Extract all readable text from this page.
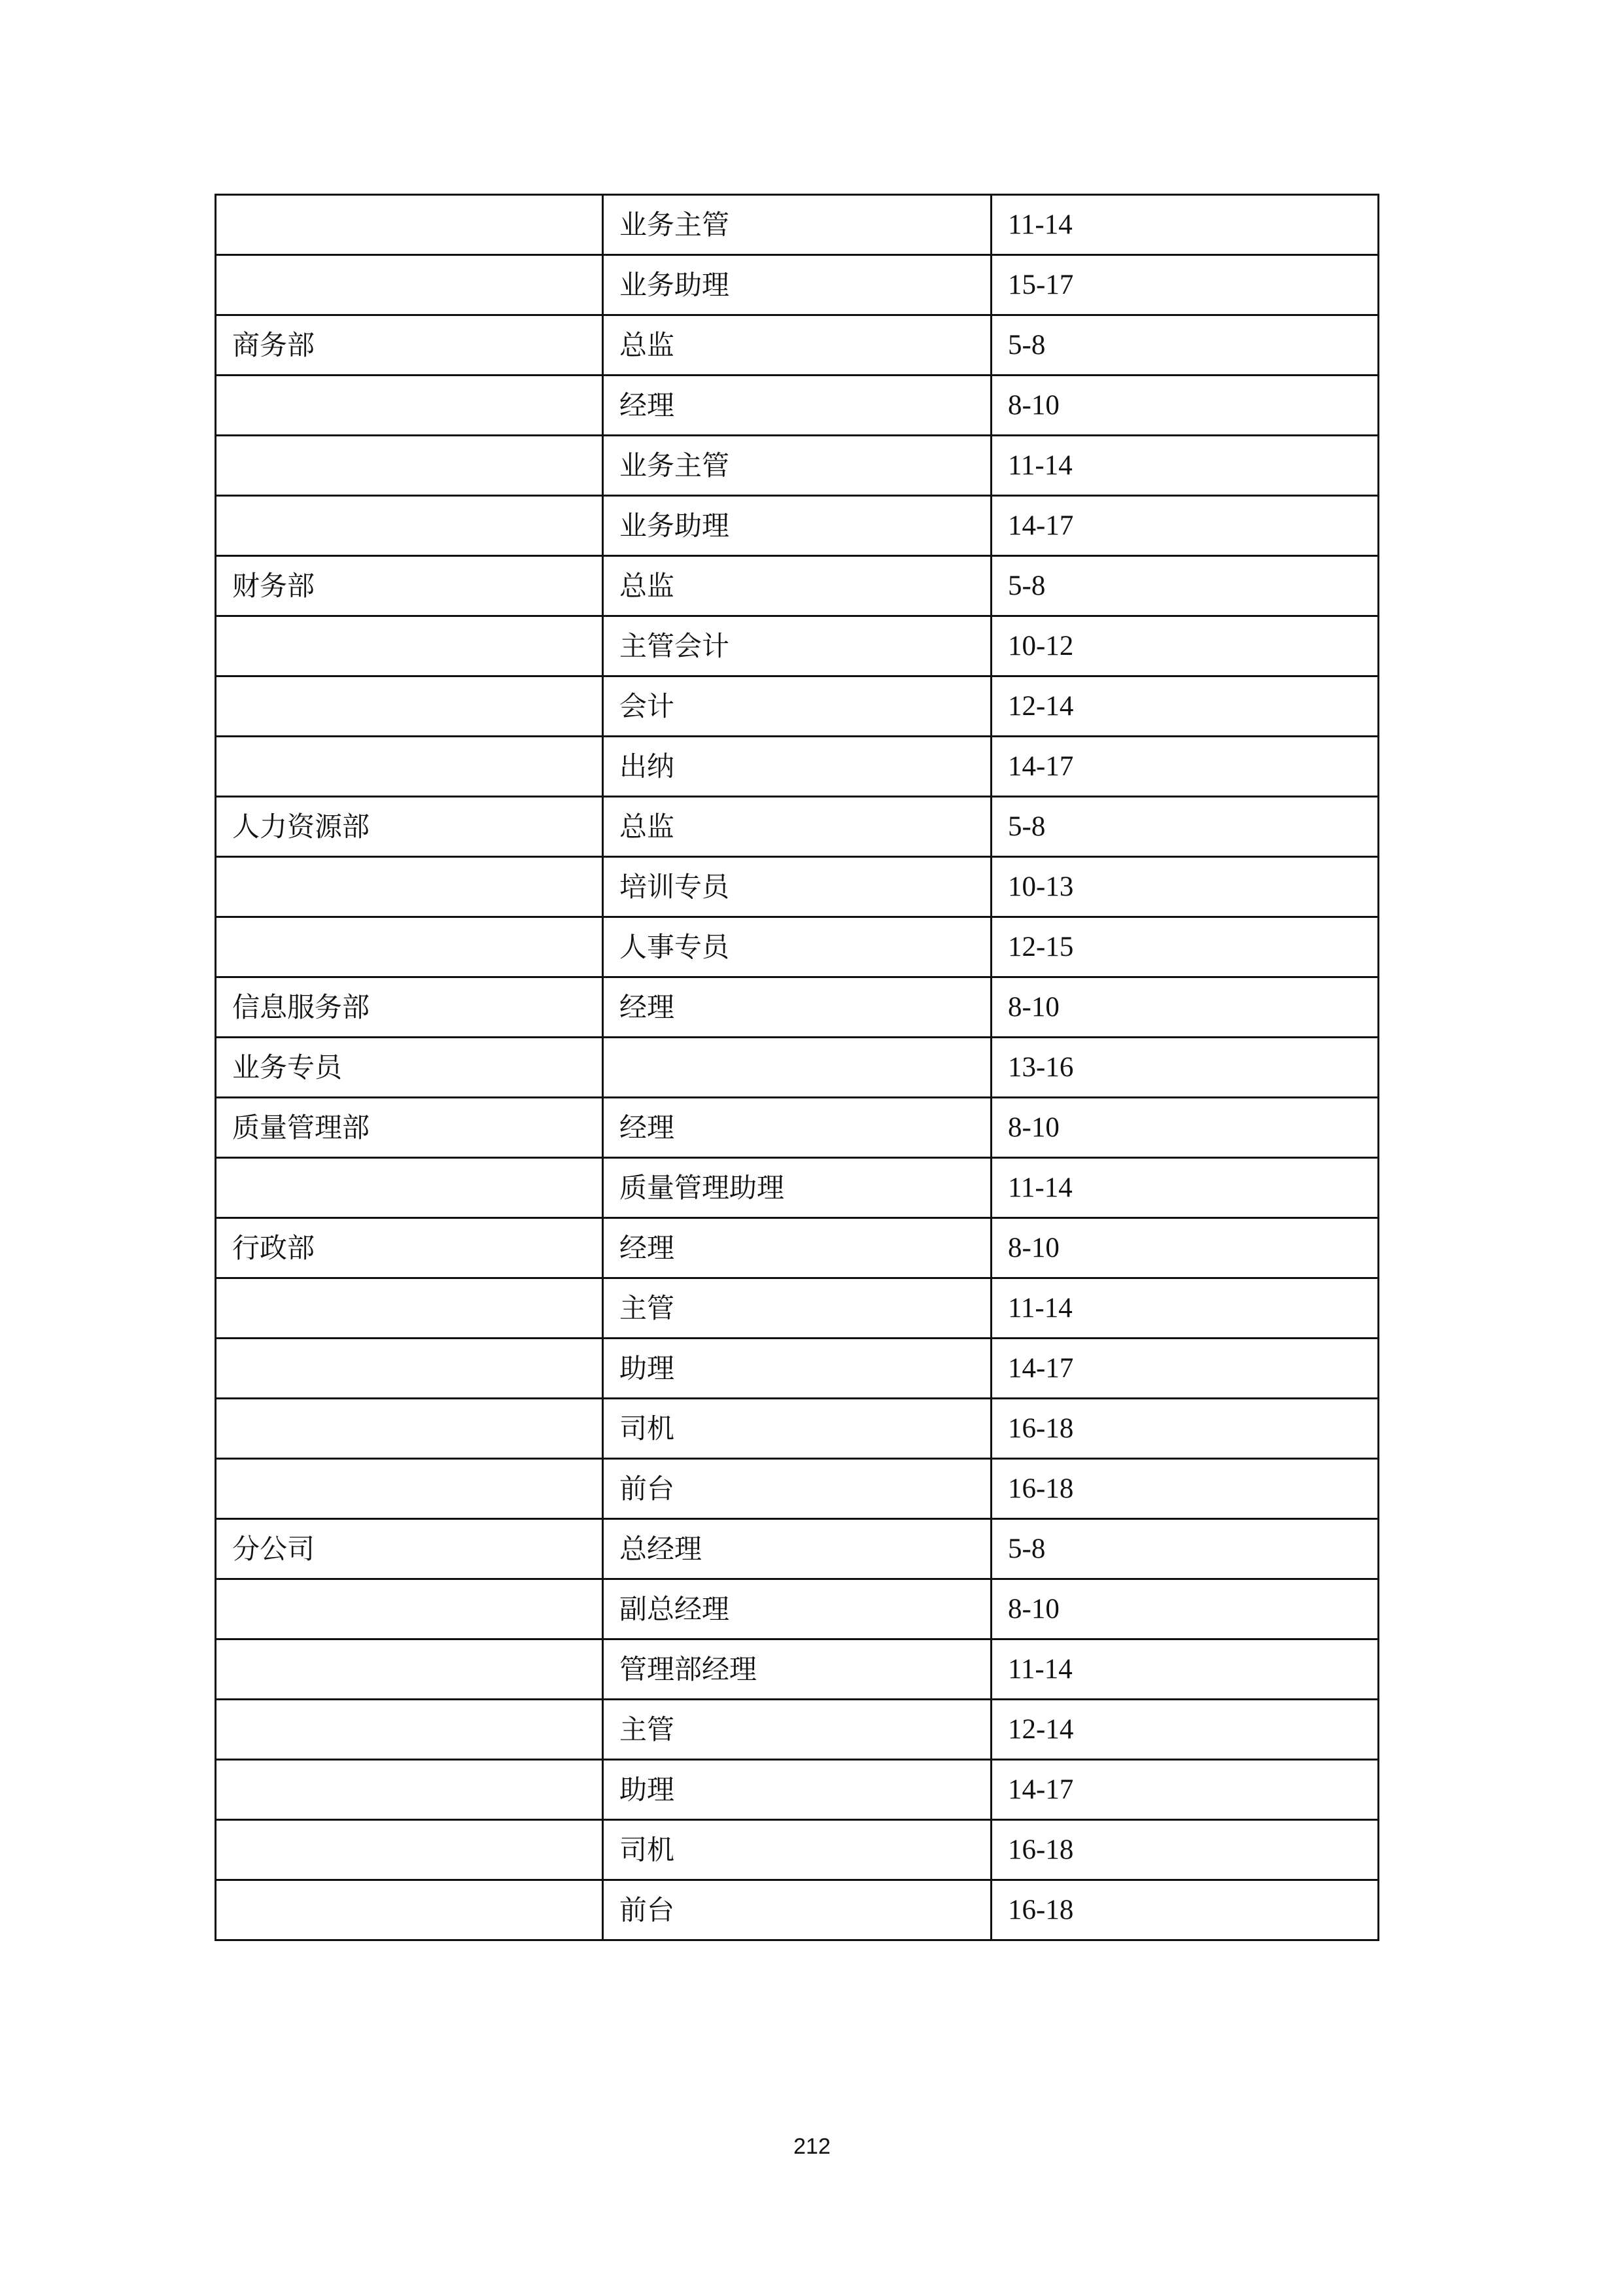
	业务主管	11-14
	业务助理	15-17
商务部	总监	5-8
	经理	8-10
	业务主管	11-14
	业务助理	14-17
财务部	总监	5-8
	主管会计	10-12
	会计	12-14
	出纳	14-17
人力资源部	总监	5-8
	培训专员	10-13
	人事专员	12-15
信息服务部	经理	8-10
业务专员		13-16
质量管理部	经理	8-10
	质量管理助理	11-14
行政部	经理	8-10
	主管	11-14
	助理	14-17
	司机	16-18
	前台	16-18
分公司	总经理	5-8
	副总经理	8-10
	管理部经理	11-14
	主管	12-14
	助理	14-17
	司机	16-18
	前台	16-18
212
